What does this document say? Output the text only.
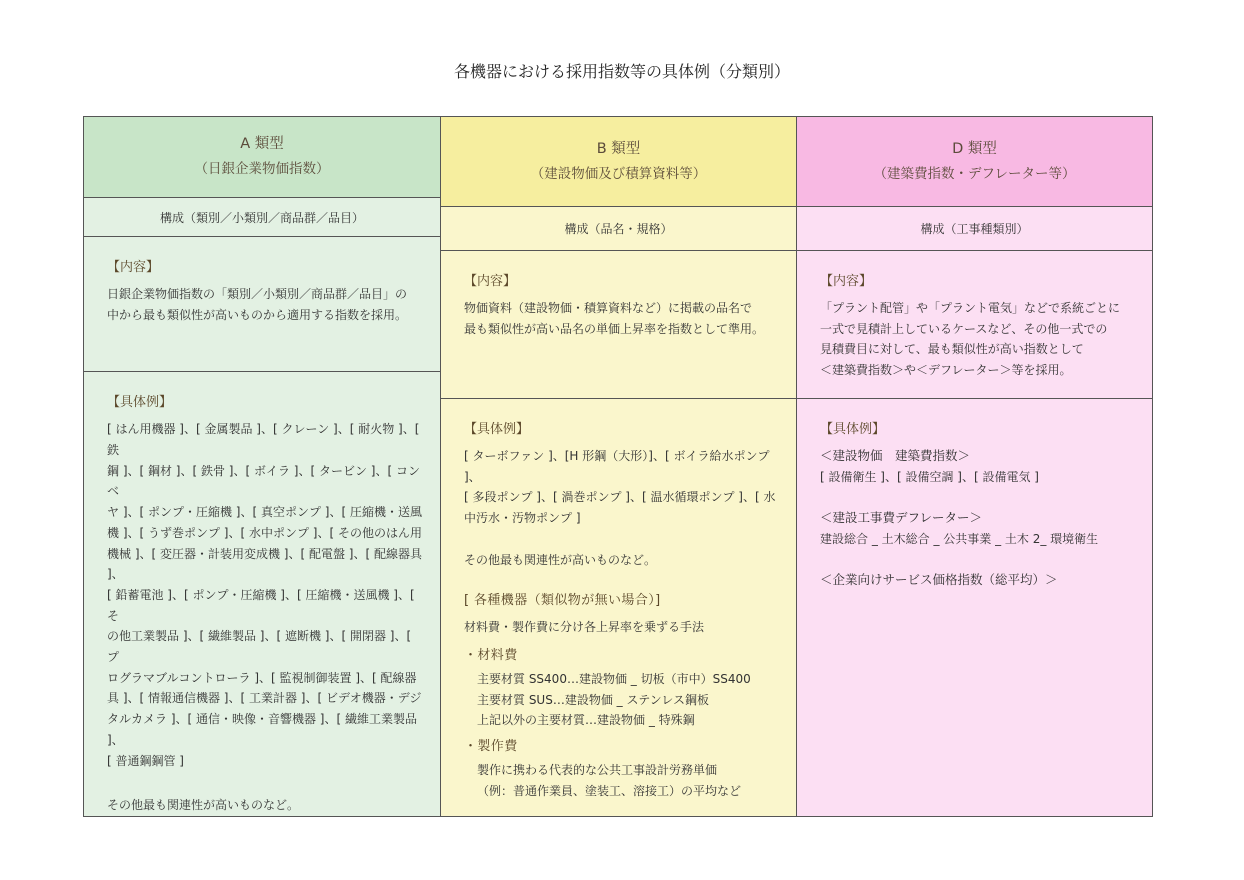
各機器における採用指数等の具体例（分類別）
A 類型
（日銀企業物価指数）
構成（類別／小類別／商品群／品目）
【内容】
日銀企業物価指数の「類別／小類別／商品群／品目」の
中から最も類似性が高いものから適用する指数を採用。
【具体例】
[ はん用機器 ]、[ 金属製品 ]、[ クレーン ]、[ 耐火物 ]、[ 鉄
鋼 ]、[ 鋼材 ]、[ 鉄骨 ]、[ ボイラ ]、[ タービン ]、[ コンベ
ヤ ]、[ ポンプ・圧縮機 ]、[ 真空ポンプ ]、[ 圧縮機・送風
機 ]、[ うず巻ポンプ ]、[ 水中ポンプ ]、[ その他のはん用
機械 ]、[ 変圧器・計装用変成機 ]、[ 配電盤 ]、[ 配線器具 ]、
[ 鉛蓄電池 ]、[ ポンプ・圧縮機 ]、[ 圧縮機・送風機 ]、[ そ
の他工業製品 ]、[ 繊維製品 ]、[ 遮断機 ]、[ 開閉器 ]、[ プ
ログラマブルコントローラ ]、[ 監視制御装置 ]、[ 配線器
具 ]、[ 情報通信機器 ]、[ 工業計器 ]、[ ビデオ機器・デジ
タルカメラ ]、[ 通信・映像・音響機器 ]、[ 繊維工業製品 ]、
[ 普通鋼鋼管 ]
その他最も関連性が高いものなど。
B 類型
（建設物価及び積算資料等）
構成（品名・規格）
【内容】
物価資料（建設物価・積算資料など）に掲載の品名で
最も類似性が高い品名の単価上昇率を指数として準用。
【具体例】
[ ターボファン ]、[H 形鋼（大形）]、[ ボイラ給水ポンプ ]、
[ 多段ポンプ ]、[ 渦巻ポンプ ]、[ 温水循環ポンプ ]、[ 水
中汚水・汚物ポンプ ]
その他最も関連性が高いものなど。
[ 各種機器（類似物が無い場合）]
材料費・製作費に分け各上昇率を乗ずる手法
・材料費
主要材質 SS400…建設物価 _ 切板（市中）SS400
主要材質 SUS…建設物価 _ ステンレス鋼板
上記以外の主要材質…建設物価 _ 特殊鋼
・製作費
製作に携わる代表的な公共工事設計労務単価
（例：普通作業員、塗装工、溶接工）の平均など
D 類型
（建築費指数・デフレーター等）
構成（工事種類別）
【内容】
「プラント配管」や「プラント電気」などで系統ごとに
一式で見積計上しているケースなど、その他一式での
見積費目に対して、最も類似性が高い指数として
＜建築費指数＞や＜デフレーター＞等を採用。
【具体例】
＜建設物価　建築費指数＞
[ 設備衛生 ]、[ 設備空調 ]、[ 設備電気 ]
＜建設工事費デフレーター＞
建設総合 _ 土木総合 _ 公共事業 _ 土木 2_ 環境衛生
＜企業向けサービス価格指数（総平均）＞
